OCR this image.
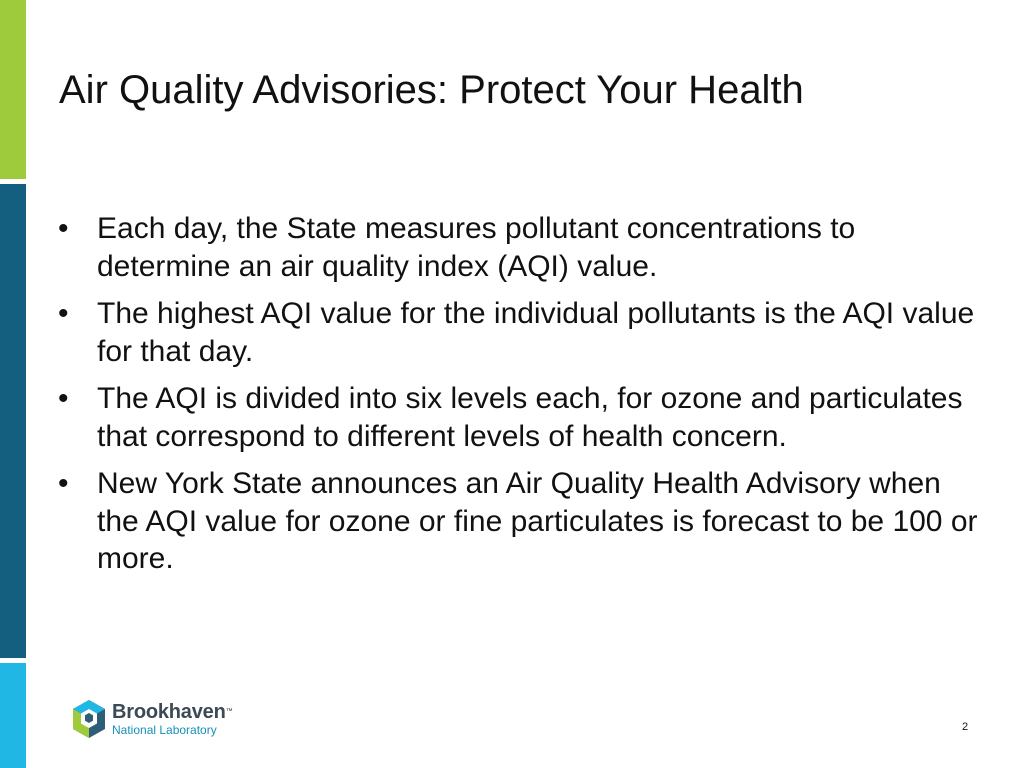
Air Quality Advisories: Protect Your Health
• Each day, the State measures pollutant concentrations to determine an air quality index (AQI) value.
• The highest AQI value for the individual pollutants is the AQI value for that day.
• The AQI is divided into six levels each, for ozone and particulates that correspond to different levels of health concern.
• New York State announces an Air Quality Health Advisory when the AQI value for ozone or fine particulates is forecast to be 100 or more.
Brookhaven™
National Laboratory	2
